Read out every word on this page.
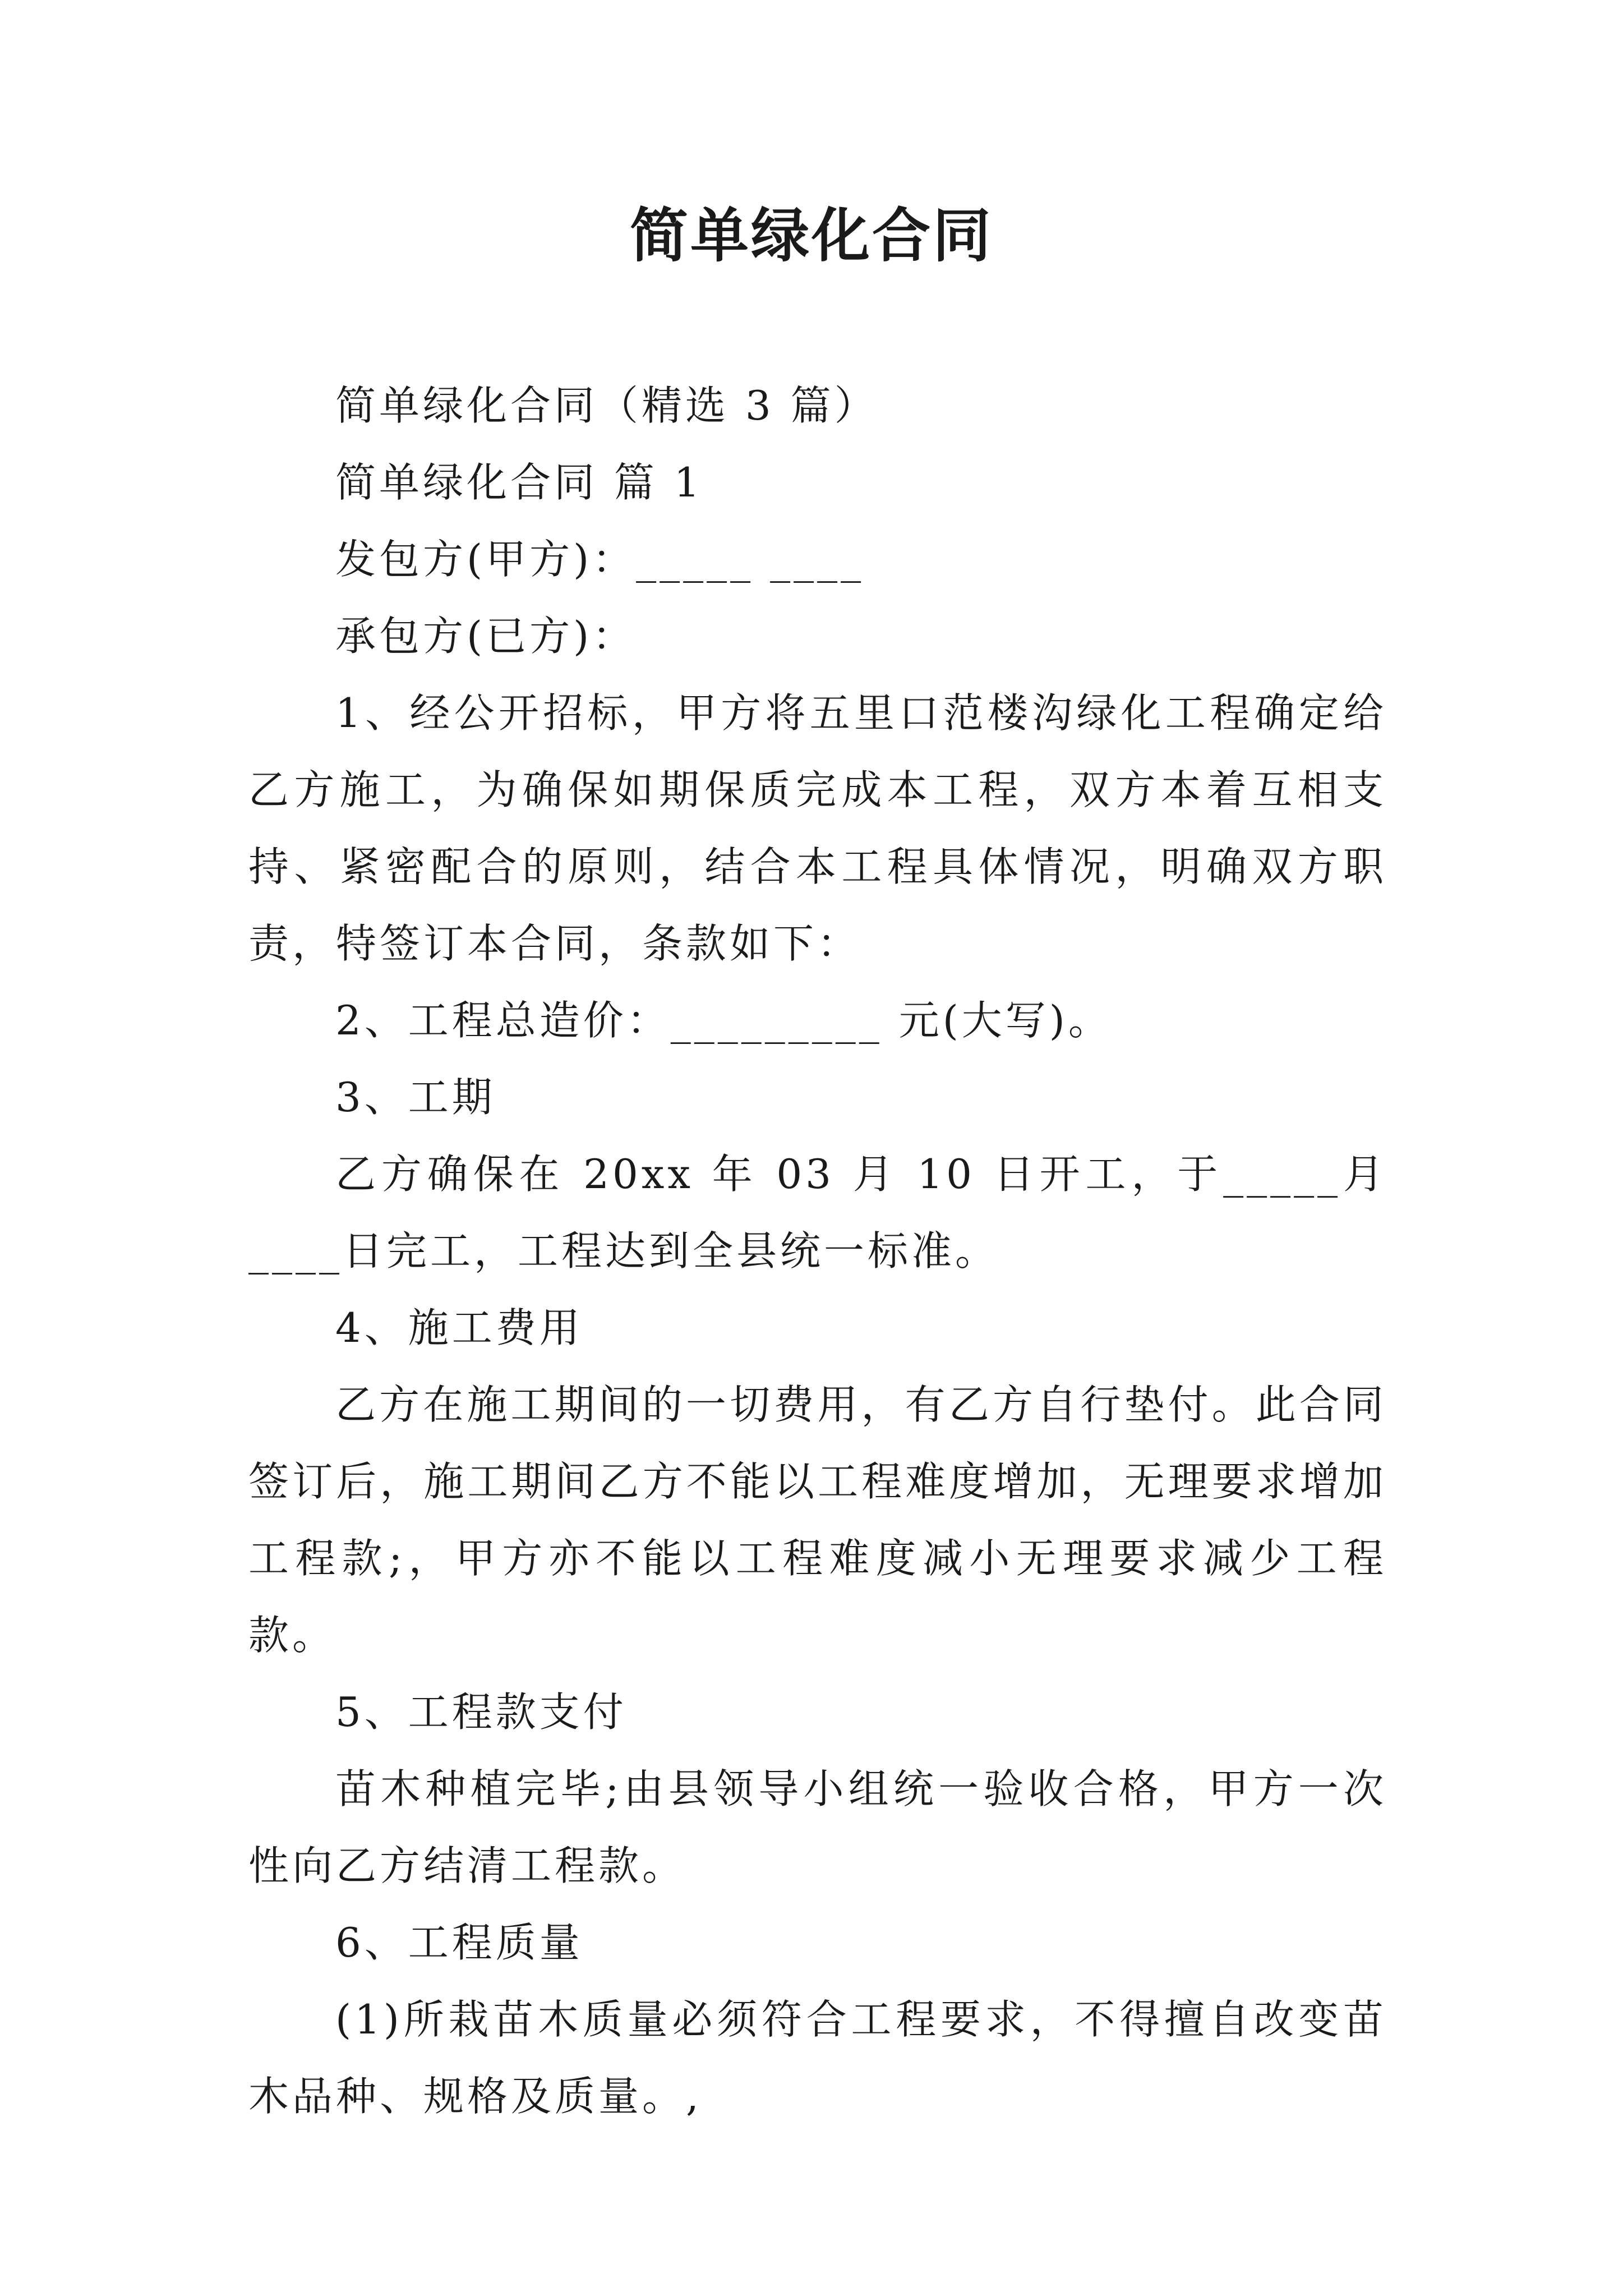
简单绿化合同

简单绿化合同（精选 3 篇）

简单绿化合同 篇 1

发包方(甲方)：_____ ____

承包方(已方)：

1、经公开招标，甲方将五里口范楼沟绿化工程确定给乙方施工，为确保如期保质完成本工程，双方本着互相支持、紧密配合的原则，结合本工程具体情况，明确双方职责，特签订本合同，条款如下：

2、工程总造价：_________ 元(大写)。

3、工期

乙方确保在 20xx 年 03 月 10 日开工，于_____月____日完工，工程达到全县统一标准。

4、施工费用

乙方在施工期间的一切费用，有乙方自行垫付。此合同签订后，施工期间乙方不能以工程难度增加，无理要求增加工程款;，甲方亦不能以工程难度减小无理要求减少工程款。

5、工程款支付

苗木种植完毕;由县领导小组统一验收合格，甲方一次性向乙方结清工程款。

6、工程质量

(1)所栽苗木质量必须符合工程要求，不得擅自改变苗木品种、规格及质量。,
